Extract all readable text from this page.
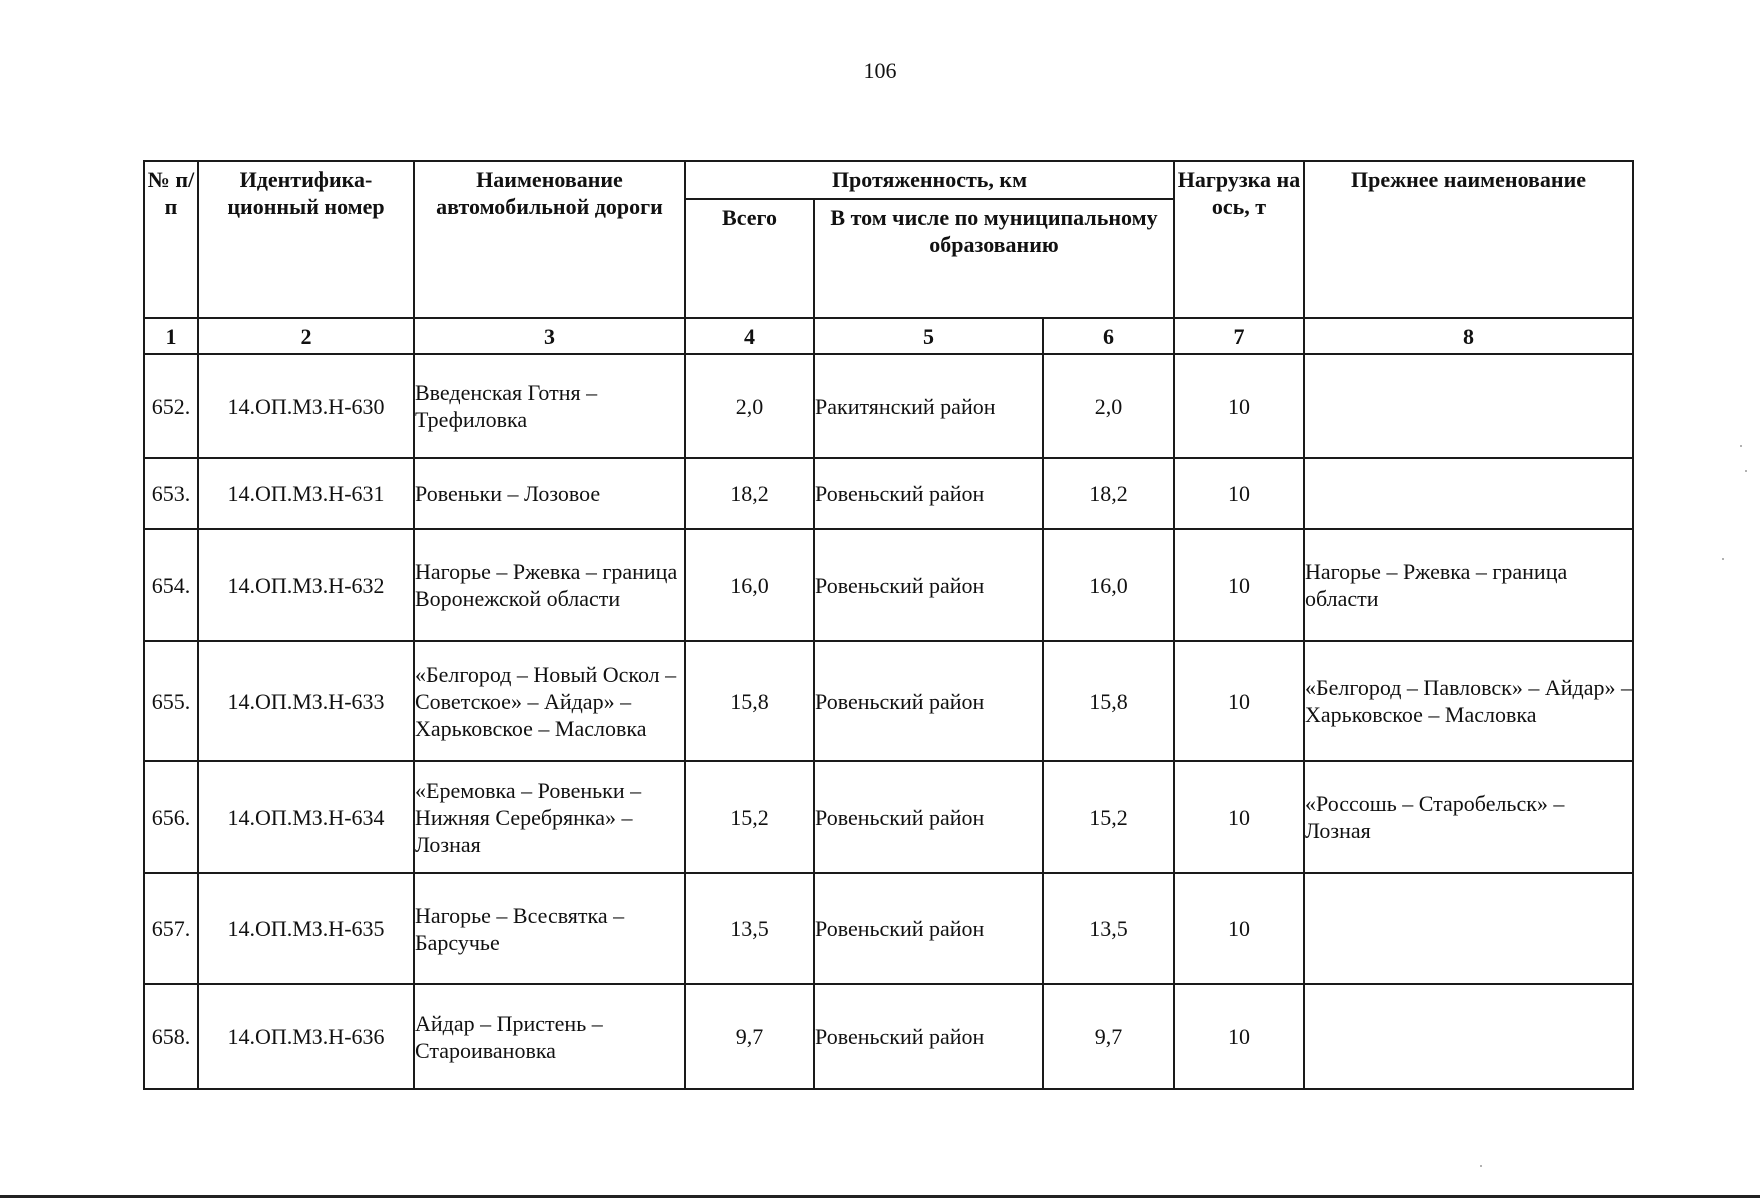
106
№ п/п	Идентифика-ционный номер	Наименование автомобильной дороги	Протяженность, км			Нагрузка на ось, т	Прежнее наименование
			Всего	В том числе по муниципальному образованию			
1	2	3	4	5	6	7	8
652.	14.ОП.МЗ.Н-630	Введенская Готня – Трефиловка	2,0	Ракитянский район	2,0	10	
653.	14.ОП.МЗ.Н-631	Ровеньки – Лозовое	18,2	Ровеньский район	18,2	10	
654.	14.ОП.МЗ.Н-632	Нагорье – Ржевка – граница Воронежской области	16,0	Ровеньский район	16,0	10	Нагорье – Ржевка – граница области
655.	14.ОП.МЗ.Н-633	«Белгород – Новый Оскол – Советское» – Айдар» – Харьковское – Масловка	15,8	Ровеньский район	15,8	10	«Белгород – Павловск» – Айдар» – Харьковское – Масловка
656.	14.ОП.МЗ.Н-634	«Еремовка – Ровеньки – Нижняя Серебрянка» – Лозная	15,2	Ровеньский район	15,2	10	«Россошь – Старобельск» – Лозная
657.	14.ОП.МЗ.Н-635	Нагорье – Всесвятка – Барсучье	13,5	Ровеньский район	13,5	10	
658.	14.ОП.МЗ.Н-636	Айдар – Пристень – Староивановка	9,7	Ровеньский район	9,7	10	
